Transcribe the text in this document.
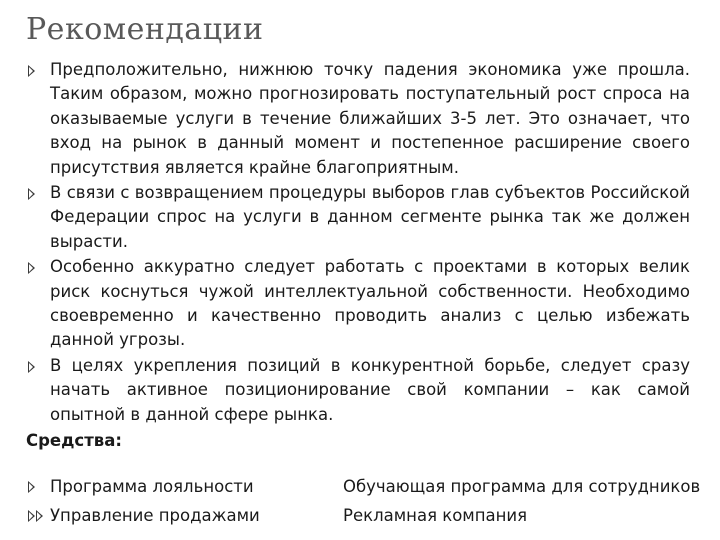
Рекомендации
Предположительно, нижнюю точку падения экономика уже прошла. Таким образом, можно прогнозировать поступательный рост спроса на оказываемые услуги в течение ближайших 3-5 лет. Это означает, что вход на рынок в данный момент и постепенное расширение своего присутствия является крайне благоприятным.
В связи с возвращением процедуры выборов глав субъектов Российской Федерации спрос на услуги в данном сегменте рынка так же должен вырасти.
Особенно аккуратно следует работать с проектами в которых велик риск коснуться чужой интеллектуальной собственности. Необходимо своевременно и качественно проводить анализ с целью избежать данной угрозы.
В целях укрепления позиций в конкурентной борьбе, следует сразу начать активное позиционирование свой компании – как самой опытной в данной сфере рынка.
Средства:
Программа лояльности	Обучающая программа для сотрудников
Управление продажами	Рекламная компания
